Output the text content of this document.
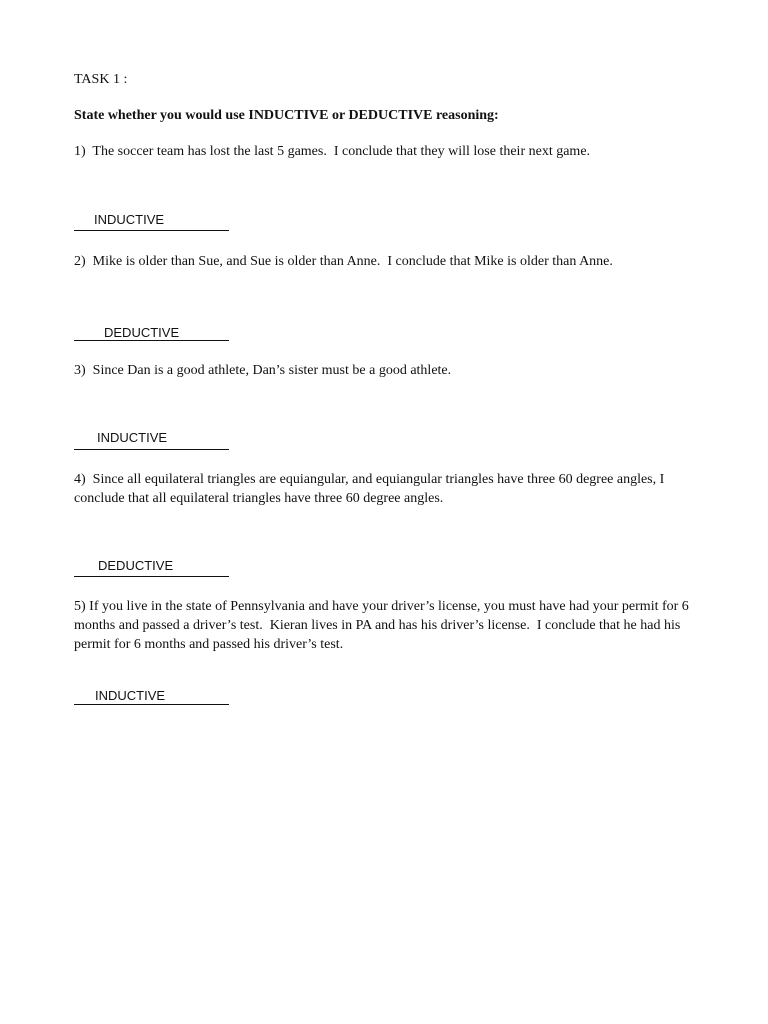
TASK 1 :
State whether you would use INDUCTIVE or DEDUCTIVE reasoning:
1)  The soccer team has lost the last 5 games.  I conclude that they will lose their next game.
INDUCTIVE
2)  Mike is older than Sue, and Sue is older than Anne.  I conclude that Mike is older than Anne.
DEDUCTIVE
3)  Since Dan is a good athlete, Dan’s sister must be a good athlete.
INDUCTIVE
4)  Since all equilateral triangles are equiangular, and equiangular triangles have three 60 degree angles, I conclude that all equilateral triangles have three 60 degree angles.
DEDUCTIVE
5) If you live in the state of Pennsylvania and have your driver’s license, you must have had your permit for 6 months and passed a driver’s test.  Kieran lives in PA and has his driver’s license.  I conclude that he had his permit for 6 months and passed his driver’s test.
INDUCTIVE
